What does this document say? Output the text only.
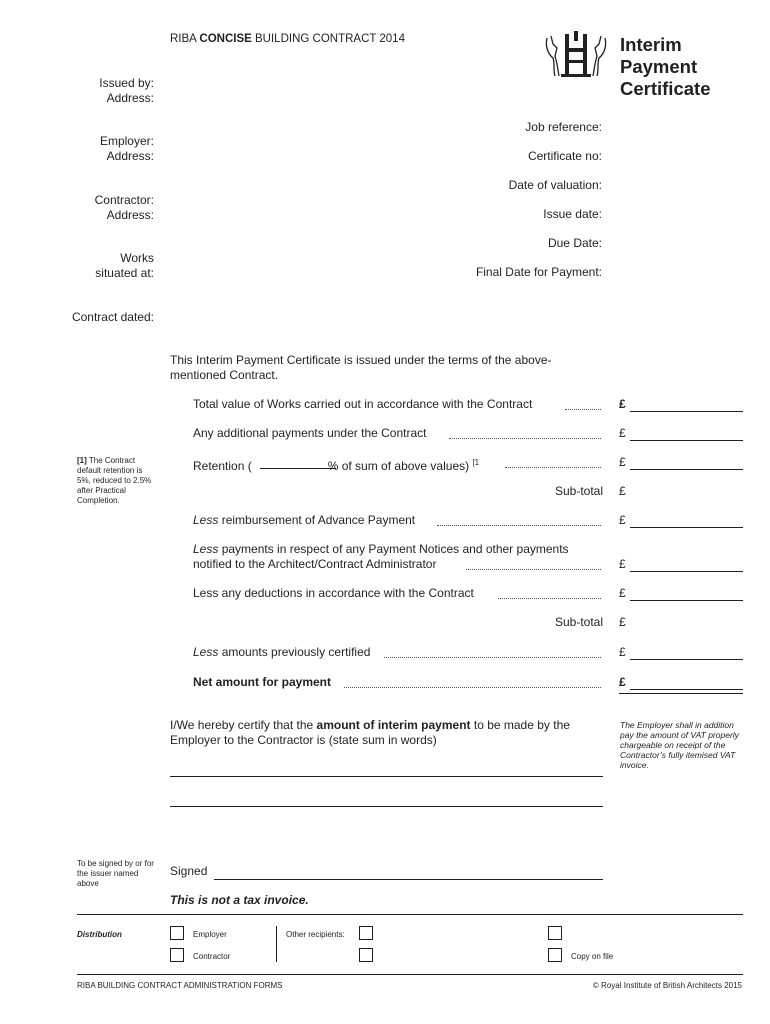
RIBA CONCISE BUILDING CONTRACT 2014	Interim
Payment
Certificate
Issued by:
Address:
Employer:
Address:
Contractor:
Address:
Works
situated at:
Contract dated:
Job reference:
Certificate no:
Date of valuation:
Issue date:
Due Date:
Final Date for Payment:
This Interim Payment Certificate is issued under the terms of the above-
mentioned Contract.
Total value of Works carried out in accordance with the Contract	£
Any additional payments under the Contract	£
[1] The Contract
default retention is
5%, reduced to 2.5%
after Practical
Completion.
Retention (	% of sum of above values) $^{[1}$	£
Sub-total £
Less reimbursement of Advance Payment	£
Less payments in respect of any Payment Notices and other payments
notified to the Architect/Contract Administrator	£
Less any deductions in accordance with the Contract	£
Sub-total £
Less amounts previously certified	£
Net amount for payment	£
I/We hereby certify that the amount of interim payment to be made by the
Employer to the Contractor is (state sum in words)
The Employer shall in addition
pay the amount of VAT properly
chargeable on receipt of the
Contractor’s fully itemised VAT
invoice.
To be signed by or for
the issuer named
above
Signed
This is not a tax invoice.
Distribution	Employer
Contractor
Other recipients:
Copy on file
RIBA BUILDING CONTRACT ADMINISTRATION FORMS	© Royal Institute of British Architects 2015
